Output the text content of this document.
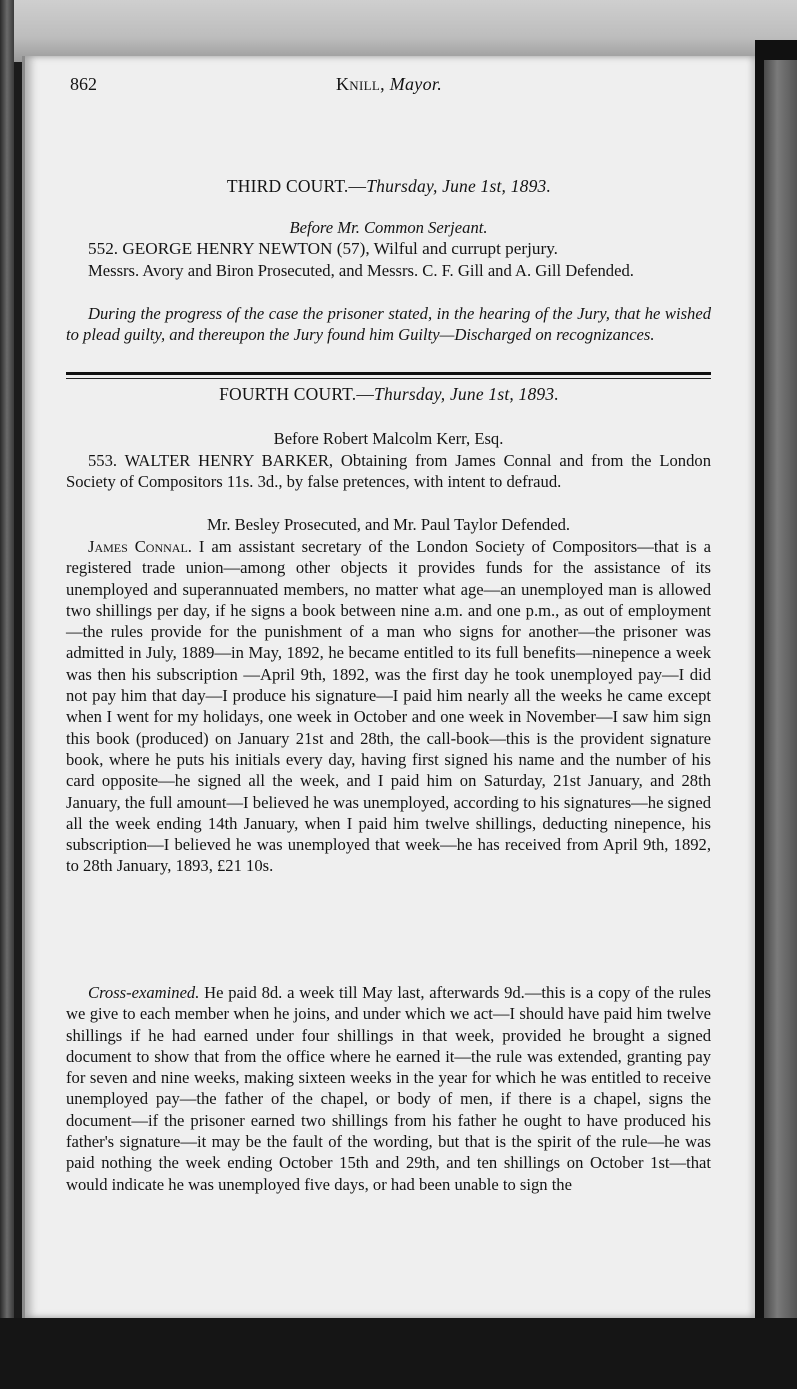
862	Knill, Mayor.
THIRD COURT.—Thursday, June 1st, 1893.
Before Mr. Common Serjeant.
552. GEORGE HENRY NEWTON (57), Wilful and currupt perjury.
Messrs. Avory and Biron Prosecuted, and Messrs. C. F. Gill and A. Gill Defended.
During the progress of the case the prisoner stated, in the hearing of the Jury, that he wished to plead guilty, and thereupon the Jury found him Guilty—Discharged on recognizances.
FOURTH COURT.—Thursday, June 1st, 1893.
Before Robert Malcolm Kerr, Esq.
553. WALTER HENRY BARKER, Obtaining from James Connal and from the London Society of Compositors 11s. 3d., by false pretences, with intent to defraud.
Mr. Besley Prosecuted, and Mr. Paul Taylor Defended.
James Connal. I am assistant secretary of the London Society of Compositors—that is a registered trade union—among other objects it provides funds for the assistance of its unemployed and superannuated members, no matter what age—an unemployed man is allowed two shillings per day, if he signs a book between nine a.m. and one p.m., as out of employment —the rules provide for the punishment of a man who signs for another—the prisoner was admitted in July, 1889—in May, 1892, he became entitled to its full benefits—ninepence a week was then his subscription —April 9th, 1892, was the first day he took unemployed pay—I did not pay him that day—I produce his signature—I paid him nearly all the weeks he came except when I went for my holidays, one week in October and one week in November—I saw him sign this book (produced) on January 21st and 28th, the call-book—this is the provident signature book, where he puts his initials every day, having first signed his name and the number of his card opposite—he signed all the week, and I paid him on Saturday, 21st January, and 28th January, the full amount—I believed he was unemployed, according to his signatures—he signed all the week ending 14th January, when I paid him twelve shillings, deducting ninepence, his subscription—I believed he was unemployed that week—he has received from April 9th, 1892, to 28th January, 1893, £21 10s.
Cross-examined. He paid 8d. a week till May last, afterwards 9d.—this is a copy of the rules we give to each member when he joins, and under which we act—I should have paid him twelve shillings if he had earned under four shillings in that week, provided he brought a signed document to show that from the office where he earned it—the rule was extended, granting pay for seven and nine weeks, making sixteen weeks in the year for which he was entitled to receive unemployed pay—the father of the chapel, or body of men, if there is a chapel, signs the document—if the prisoner earned two shillings from his father he ought to have produced his father's signature—it may be the fault of the wording, but that is the spirit of the rule—he was paid nothing the week ending October 15th and 29th, and ten shillings on October 1st—that would indicate he was unemployed five days, or had been unable to sign the
